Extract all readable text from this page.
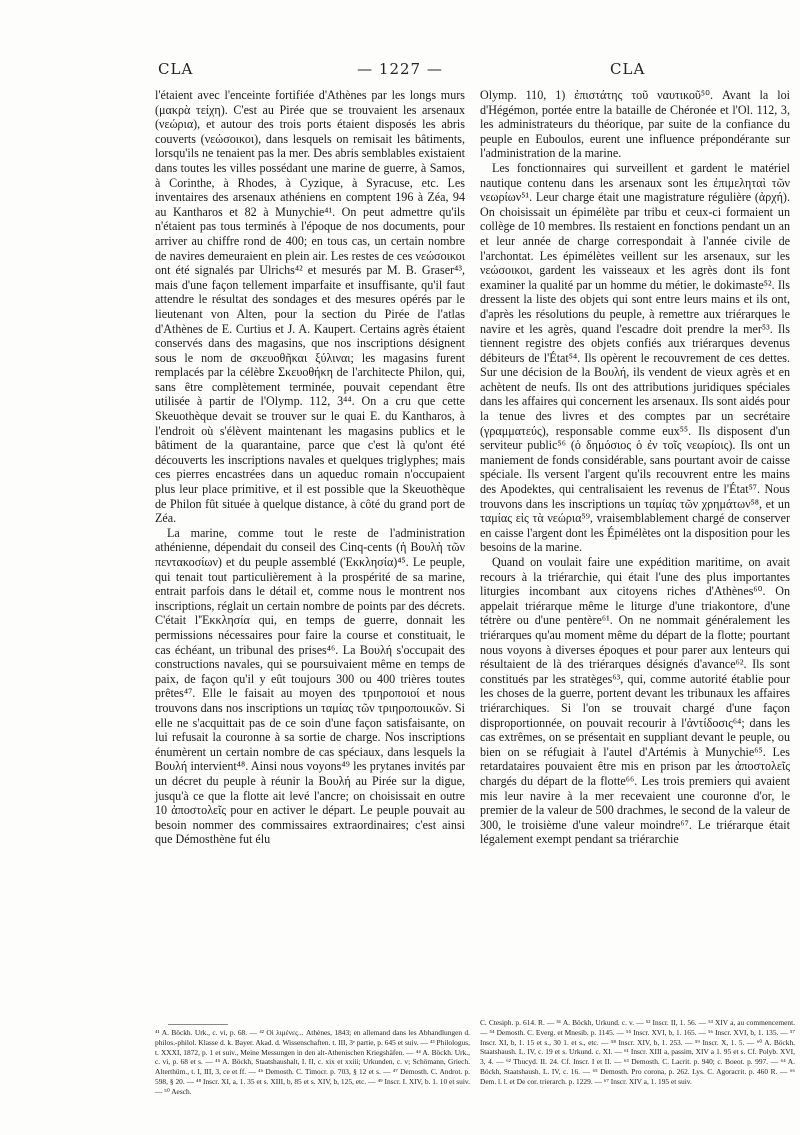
— 1227 —
CLA	CLA

l'étaient avec l'enceinte fortifiée d'Athènes par les longs murs (μακρὰ τείχη). C'est au Pirée que se trouvaient les arsenaux (νεώρια), et autour des trois ports étaient disposés les abris couverts (νεώσοικοι), dans lesquels on remisait les bâtiments, lorsqu'ils ne tenaient pas la mer. Des abris semblables existaient dans toutes les villes possédant une marine de guerre, à Samos, à Corinthe, à Rhodes, à Cyzique, à Syracuse, etc. Les inventaires des arsenaux athéniens en comptent 196 à Zéa, 94 au Kantharos et 82 à Munychie⁴¹. On peut admettre qu'ils n'étaient pas tous terminés à l'époque de nos documents, pour arriver au chiffre rond de 400; en tous cas, un certain nombre de navires demeuraient en plein air. Les restes de ces νεώσοικοι ont été signalés par Ulrichs⁴² et mesurés par M. B. Graser⁴³, mais d'une façon tellement imparfaite et insuffisante, qu'il faut attendre le résultat des sondages et des mesures opérés par le lieutenant von Alten, pour la section du Pirée de l'atlas d'Athènes de E. Curtius et J. A. Kaupert. Certains agrès étaient conservés dans des magasins, que nos inscriptions désignent sous le nom de σκευοθῆκαι ξύλιναι; les magasins furent remplacés par la célèbre Σκευοθήκη de l'architecte Philon, qui, sans être complètement terminée, pouvait cependant être utilisée à partir de l'Olymp. 112, 3⁴⁴. On a cru que cette Skeuothèque devait se trouver sur le quai E. du Kantharos, à l'endroit où s'élèvent maintenant les magasins publics et le bâtiment de la quarantaine, parce que c'est là qu'ont été découverts les inscriptions navales et quelques triglyphes; mais ces pierres encastrées dans un aqueduc romain n'occupaient plus leur place primitive, et il est possible que la Skeuothèque de Philon fût située à quelque distance, à côté du grand port de Zéa.

La marine, comme tout le reste de l'administration athénienne, dépendait du conseil des Cinq-cents (ἡ Βουλὴ τῶν πεντακοσίων) et du peuple assemblé (Ἐκκλησία)⁴⁵. Le peuple, qui tenait tout particulièrement à la prospérité de sa marine, entrait parfois dans le détail et, comme nous le montrent nos inscriptions, réglait un certain nombre de points par des décrets. C'était l'Ἐκκλησία qui, en temps de guerre, donnait les permissions nécessaires pour faire la course et constituait, le cas échéant, un tribunal des prises⁴⁶. La Βουλή s'occupait des constructions navales, qui se poursuivaient même en temps de paix, de façon qu'il y eût toujours 300 ou 400 trières toutes prêtes⁴⁷. Elle le faisait au moyen des τριηροποιοί et nous trouvons dans nos inscriptions un ταμίας τῶν τριηροποιικῶν. Si elle ne s'acquittait pas de ce soin d'une façon satisfaisante, on lui refusait la couronne à sa sortie de charge. Nos inscriptions énumèrent un certain nombre de cas spéciaux, dans lesquels la Βουλή intervient⁴⁸. Ainsi nous voyons⁴⁹ les prytanes invités par un décret du peuple à réunir la Βουλή au Pirée sur la digue, jusqu'à ce que la flotte ait levé l'ancre; on choisissait en outre 10 ἀποστολεῖς pour en activer le départ. Le peuple pouvait au besoin nommer des commissaires extraordinaires; c'est ainsi que Démosthène fut élu

Olymp. 110, 1) ἐπιστάτης τοῦ ναυτικοῦ⁵⁰. Avant la loi d'Hégémon, portée entre la bataille de Chéronée et l'Ol. 112, 3, les administrateurs du théorique, par suite de la confiance du peuple en Euboulos, eurent une influence prépondérante sur l'administration de la marine.

Les fonctionnaires qui surveillent et gardent le matériel nautique contenu dans les arsenaux sont les ἐπιμεληταὶ τῶν νεωρίων⁵¹. Leur charge était une magistrature régulière (ἀρχή). On choisissait un épimélète par tribu et ceux-ci formaient un collège de 10 membres. Ils restaient en fonctions pendant un an et leur année de charge correspondait à l'année civile de l'archontat. Les épimélètes veillent sur les arsenaux, sur les νεώσοικοι, gardent les vaisseaux et les agrès dont ils font examiner la qualité par un homme du métier, le dokimaste⁵². Ils dressent la liste des objets qui sont entre leurs mains et ils ont, d'après les résolutions du peuple, à remettre aux triérarques le navire et les agrès, quand l'escadre doit prendre la mer⁵³. Ils tiennent registre des objets confiés aux triérarques devenus débiteurs de l'État⁵⁴. Ils opèrent le recouvrement de ces dettes. Sur une décision de la Βουλή, ils vendent de vieux agrès et en achètent de neufs. Ils ont des attributions juridiques spéciales dans les affaires qui concernent les arsenaux. Ils sont aidés pour la tenue des livres et des comptes par un secrétaire (γραμματεύς), responsable comme eux⁵⁵. Ils disposent d'un serviteur public⁵⁶ (ὁ δημόσιος ὁ ἐν τοῖς νεωρίοις). Ils ont un maniement de fonds considérable, sans pourtant avoir de caisse spéciale. Ils versent l'argent qu'ils recouvrent entre les mains des Apodektes, qui centralisaient les revenus de l'État⁵⁷. Nous trouvons dans les inscriptions un ταμίας τῶν χρημάτων⁵⁸, et un ταμίας εἰς τὰ νεώρια⁵⁹, vraisemblablement chargé de conserver en caisse l'argent dont les Épimélètes ont la disposition pour les besoins de la marine.

Quand on voulait faire une expédition maritime, on avait recours à la triérarchie, qui était l'une des plus importantes liturgies incombant aux citoyens riches d'Athènes⁶⁰. On appelait triérarque même le liturge d'une triakontore, d'une tétrère ou d'une pentère⁶¹. On ne nommait généralement les triérarques qu'au moment même du départ de la flotte; pourtant nous voyons à diverses époques et pour parer aux lenteurs qui résultaient de là des triérarques désignés d'avance⁶². Ils sont constitués par les stratèges⁶³, qui, comme autorité établie pour les choses de la guerre, portent devant les tribunaux les affaires triérarchiques. Si l'on se trouvait chargé d'une façon disproportionnée, on pouvait recourir à l'ἀντίδοσις⁶⁴; dans les cas extrêmes, on se présentait en suppliant devant le peuple, ou bien on se réfugiait à l'autel d'Artémis à Munychie⁶⁵. Les retardataires pouvaient être mis en prison par les ἀποστολεῖς chargés du départ de la flotte⁶⁶. Les trois premiers qui avaient mis leur navire à la mer recevaient une couronne d'or, le premier de la valeur de 500 drachmes, le second de la valeur de 300, le troisième d'une valeur moindre⁶⁷. Le triérarque était légalement exempt pendant sa triérarchie

⁴¹ A. Böckh. Urk., c. vi, p. 68. — ⁴² Οἱ λιμένες... Athènes, 1843; en allemand dans les Abhandlungen d. philos.-philol. Klasse d. k. Bayer. Akad. d. Wissenschaften. t. III, 3ᵉ partie, p. 645 et suiv. — ⁴³ Philologus, t. XXXI, 1872, p. 1 et suiv., Meine Messungen in den alt-Athenischen Kriegshäfen. — ⁴⁴ A. Böckh. Urk., c. vi, p. 68 et s. — ⁴⁵ A. Böckh, Staatshaushalt, I. II, c. xix et xxiii; Urkunden, c. v; Schömann, Griech. Alterthüm., t. I, III, 3, ce et ff. — ⁴⁶ Demosth. C. Timocr. p. 703, § 12 et s. — ⁴⁷ Demosth. C. Androt. p. 598, § 20. — ⁴⁸ Inscr. XI, a, 1. 35 et s. XIII, b, 85 et s. XIV, b, 125, etc. — ⁴⁹ Inscr. I. XIV, b. 1. 10 et suiv. — ⁵⁰ Aesch.

C. Ctesiph. p. 614. R. — ⁵¹ A. Böckh, Urkund. c. v. — ⁵² Inscr. II, 1. 56. — ⁵³ XIV a, au commencement. — ⁵⁴ Demosth. C. Everg. et Mnesib. p. 1145. — ⁵⁵ Inscr. XVI, b, 1. 165. — ⁵⁶ Inscr. XVI, b, 1. 135. — ⁵⁷ Inscr. XI, b, 1. 15 et s., 30 1. et s., etc. — ⁵⁸ Inscr. XIV, b, 1. 253. — ⁵⁹ Inscr. X, 1. 5. — ⁶⁰ A. Böckh. Staatshaush. L. IV, c. 19 et s. Urkund. c. XI. — ⁶¹ Inscr. XIII a, passim, XIV a 1. 95 et s. Cf. Polyb. XVI, 3, 4. — ⁶² Thucyd. II. 24. Cf. Inscr. I et II. — ⁶³ Demosth. C. Lacrit. p. 940; c. Boeot. p. 997. — ⁶⁴ A. Böckh, Staatshaush. L. IV, c. 16. — ⁶⁵ Demosth. Pro corona, p. 262. Lys. C. Agoracrit. p. 460 R. — ⁶⁶ Dem. l. l. et De cor. trierarch. p. 1229. — ⁶⁷ Inscr. XIV a, 1. 195 et suiv.
